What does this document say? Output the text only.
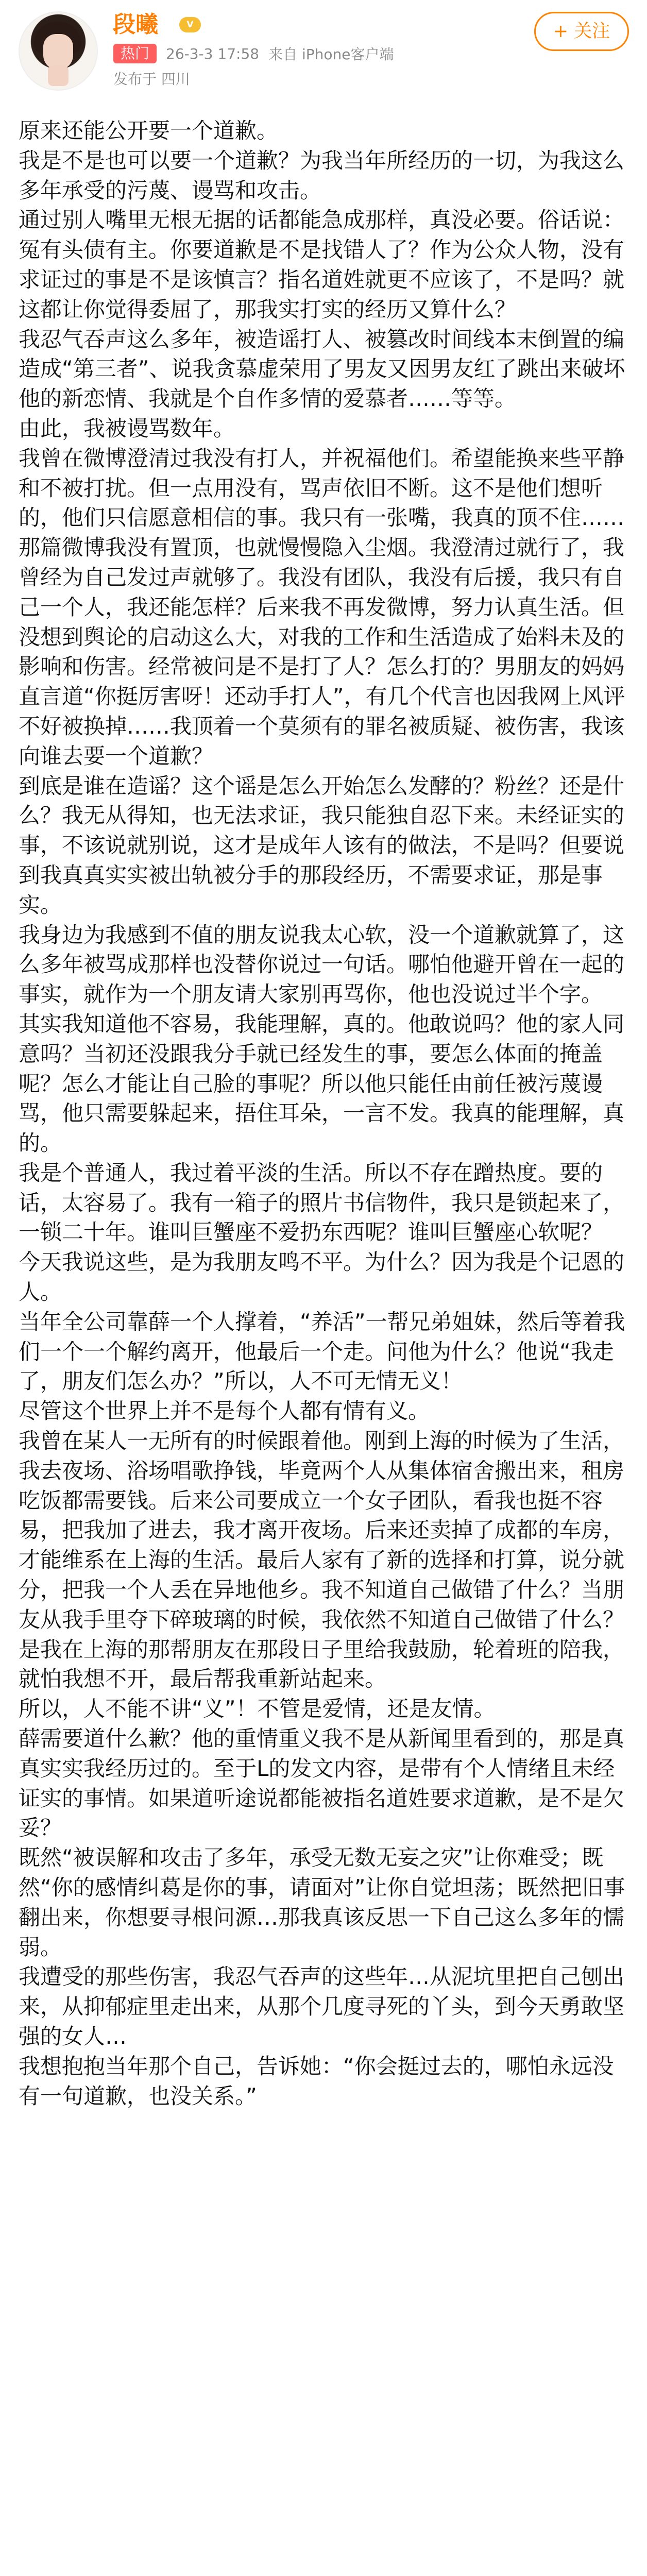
段曦	V
热门	26-3-3 17:58 来自 iPhone客户端
发布于 四川
+ 关注
原来还能公开要一个道歉。
我是不是也可以要一个道歉？为我当年所经历的一切，为我这么多年承受的污蔑、谩骂和攻击。
通过别人嘴里无根无据的话都能急成那样，真没必要。俗话说：冤有头债有主。你要道歉是不是找错人了？作为公众人物，没有求证过的事是不是该慎言？指名道姓就更不应该了，不是吗？就这都让你觉得委屈了，那我实打实的经历又算什么？
我忍气吞声这么多年，被造谣打人、被篡改时间线本末倒置的编造成“第三者”、说我贪慕虚荣用了男友又因男友红了跳出来破坏他的新恋情、我就是个自作多情的爱慕者……等等。
由此，我被谩骂数年。
我曾在微博澄清过我没有打人，并祝福他们。希望能换来些平静和不被打扰。但一点用没有，骂声依旧不断。这不是他们想听的，他们只信愿意相信的事。我只有一张嘴，我真的顶不住……
那篇微博我没有置顶，也就慢慢隐入尘烟。我澄清过就行了，我曾经为自己发过声就够了。我没有团队，我没有后援，我只有自己一个人，我还能怎样？后来我不再发微博，努力认真生活。但没想到舆论的启动这么大，对我的工作和生活造成了始料未及的影响和伤害。经常被问是不是打了人？怎么打的？男朋友的妈妈直言道“你挺厉害呀！还动手打人”，有几个代言也因我网上风评不好被换掉……我顶着一个莫须有的罪名被质疑、被伤害，我该向谁去要一个道歉？
到底是谁在造谣？这个谣是怎么开始怎么发酵的？粉丝？还是什么？我无从得知，也无法求证，我只能独自忍下来。未经证实的事，不该说就别说，这才是成年人该有的做法，不是吗？但要说到我真真实实被出轨被分手的那段经历，不需要求证，那是事实。
我身边为我感到不值的朋友说我太心软，没一个道歉就算了，这么多年被骂成那样也没替你说过一句话。哪怕他避开曾在一起的事实，就作为一个朋友请大家别再骂你，他也没说过半个字。
其实我知道他不容易，我能理解，真的。他敢说吗？他的家人同意吗？当初还没跟我分手就已经发生的事，要怎么体面的掩盖呢？怎么才能让自己脸的事呢？所以他只能任由前任被污蔑谩骂，他只需要躲起来，捂住耳朵，一言不发。我真的能理解，真的。
我是个普通人，我过着平淡的生活。所以不存在蹭热度。要的话，太容易了。我有一箱子的照片书信物件，我只是锁起来了，一锁二十年。谁叫巨蟹座不爱扔东西呢？谁叫巨蟹座心软呢？
今天我说这些，是为我朋友鸣不平。为什么？因为我是个记恩的人。
当年全公司靠薛一个人撑着，“养活”一帮兄弟姐妹，然后等着我们一个一个解约离开，他最后一个走。问他为什么？他说“我走了，朋友们怎么办？”所以，人不可无情无义！
尽管这个世界上并不是每个人都有情有义。
我曾在某人一无所有的时候跟着他。刚到上海的时候为了生活，我去夜场、浴场唱歌挣钱，毕竟两个人从集体宿舍搬出来，租房吃饭都需要钱。后来公司要成立一个女子团队，看我也挺不容易，把我加了进去，我才离开夜场。后来还卖掉了成都的车房，才能维系在上海的生活。最后人家有了新的选择和打算，说分就分，把我一个人丢在异地他乡。我不知道自己做错了什么？当朋友从我手里夺下碎玻璃的时候，我依然不知道自己做错了什么？是我在上海的那帮朋友在那段日子里给我鼓励，轮着班的陪我，就怕我想不开，最后帮我重新站起来。
所以，人不能不讲“义”！不管是爱情，还是友情。
薛需要道什么歉？他的重情重义我不是从新闻里看到的，那是真真实实我经历过的。至于L的发文内容，是带有个人情绪且未经证实的事情。如果道听途说都能被指名道姓要求道歉，是不是欠妥？
既然“被误解和攻击了多年，承受无数无妄之灾”让你难受；既然“你的感情纠葛是你的事，请面对”让你自觉坦荡；既然把旧事翻出来，你想要寻根问源…那我真该反思一下自己这么多年的懦弱。
我遭受的那些伤害，我忍气吞声的这些年…从泥坑里把自己刨出来，从抑郁症里走出来，从那个几度寻死的丫头，到今天勇敢坚强的女人…
我想抱抱当年那个自己，告诉她：“你会挺过去的，哪怕永远没有一句道歉，也没关系。”
